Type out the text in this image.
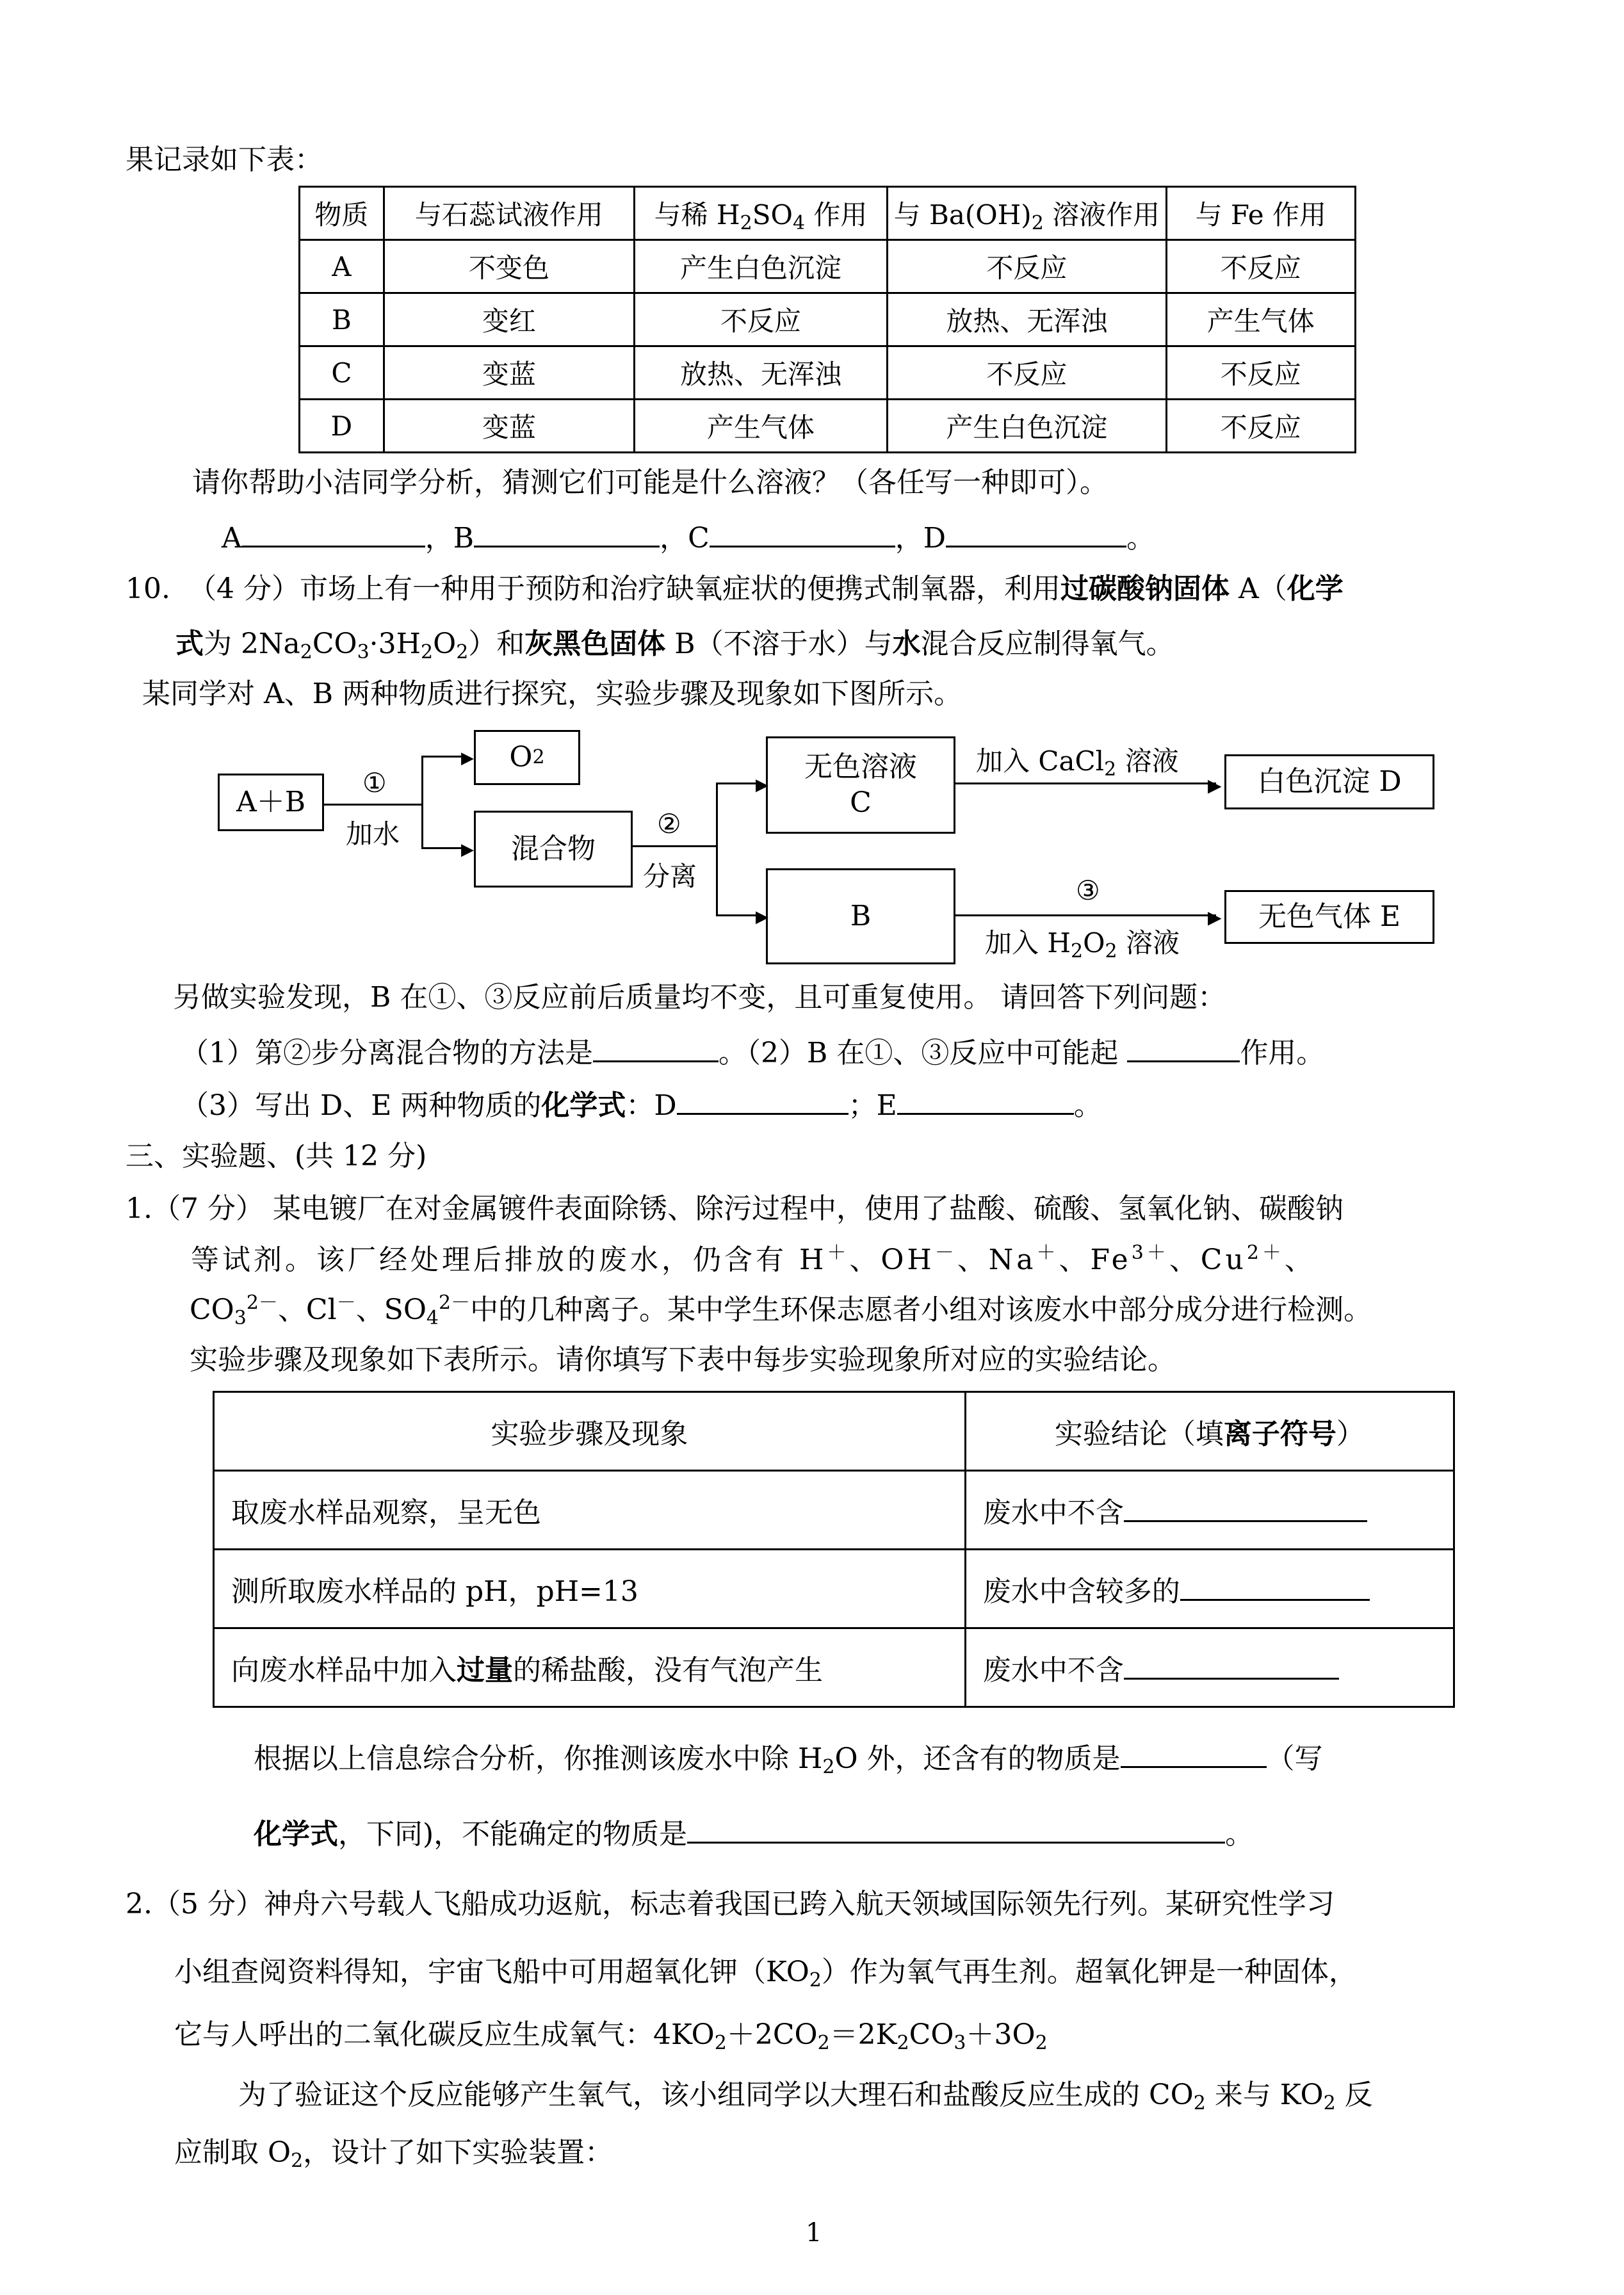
果记录如下表：
物质	与石蕊试液作用	与稀 $H_2SO_4$ 作用	与 $Ba(OH)_2$ 溶液作用	与 Fe 作用
A	不变色	产生白色沉淀	不反应	不反应
B	变红	不反应	放热、无浑浊	产生气体
C	变蓝	放热、无浑浊	不反应	不反应
D	变蓝	产生气体	产生白色沉淀	不反应
请你帮助小洁同学分析，猜测它们可能是什么溶液？（各任写一种即可）。
A	，B	，C	，D	。
10. （4 分）市场上有一种用于预防和治疗缺氧症状的便携式制氧器，利用过碳酸钠固体 A（化学
式为 $2Na_2CO_3\cdot 3H_2O_2$）和灰黑色固体 B（不溶于水）与水混合反应制得氧气。
某同学对 A、B 两种物质进行探究，实验步骤及现象如下图所示。
A＋B
①
加水
▶
▶
O 2
混合物
②
分离
▶
▶
无色溶液
C
▶
加入 CaCl$_2$ 溶液
白色沉淀 D
B	▶
③
加入 $H_2O_2$ 溶液
无色气体 E
另做实验发现，B 在①、③反应前后质量均不变，且可重复使用。 请回答下列问题：
（1）第②步分离混合物的方法是	。（2）B 在①、③反应中可能起	作用。
（3）写出 D、E 两种物质的化学式：D	；E	。
三、实验题、(共 12 分)
1.（7 分） 某电镀厂在对金属镀件表面除锈、除污过程中，使用了盐酸、硫酸、氢氧化钠、碳酸钠
等试剂。该厂经处理后排放的废水，仍含有 H＋、OH－、Na＋、$Fe^{3+}$、$Cu^{2+}$、
$CO_3^{2-}$、Cl－、$SO_4^{2-}$中的几种离子。某中学生环保志愿者小组对该废水中部分成分进行检测。
实验步骤及现象如下表所示。请你填写下表中每步实验现象所对应的实验结论。
实验步骤及现象	实验结论（填离子符号）
取废水样品观察，呈无色	废水中不含
测所取废水样品的 pH，pH=13	废水中含较多的
向废水样品中加入过量的稀盐酸，没有气泡产生	废水中不含
根据以上信息综合分析，你推测该废水中除 $H_2O$ 外，还含有的物质是	（写
化学式，下同)，不能确定的物质是	。
2.（5 分）神舟六号载人飞船成功返航，标志着我国已跨入航天领域国际领先行列。某研究性学习
小组查阅资料得知，宇宙飞船中可用超氧化钾$(KO_2)$作为氧气再生剂。超氧化钾是一种固体，
它与人呼出的二氧化碳反应生成氧气：$4KO_2+2CO_2=2K_2CO_3+3O_2$
为了验证这个反应能够产生氧气，该小组同学以大理石和盐酸反应生成的 $CO_2$ 来与 $KO_2$ 反
应制取 $O_2$，设计了如下实验装置：
1
